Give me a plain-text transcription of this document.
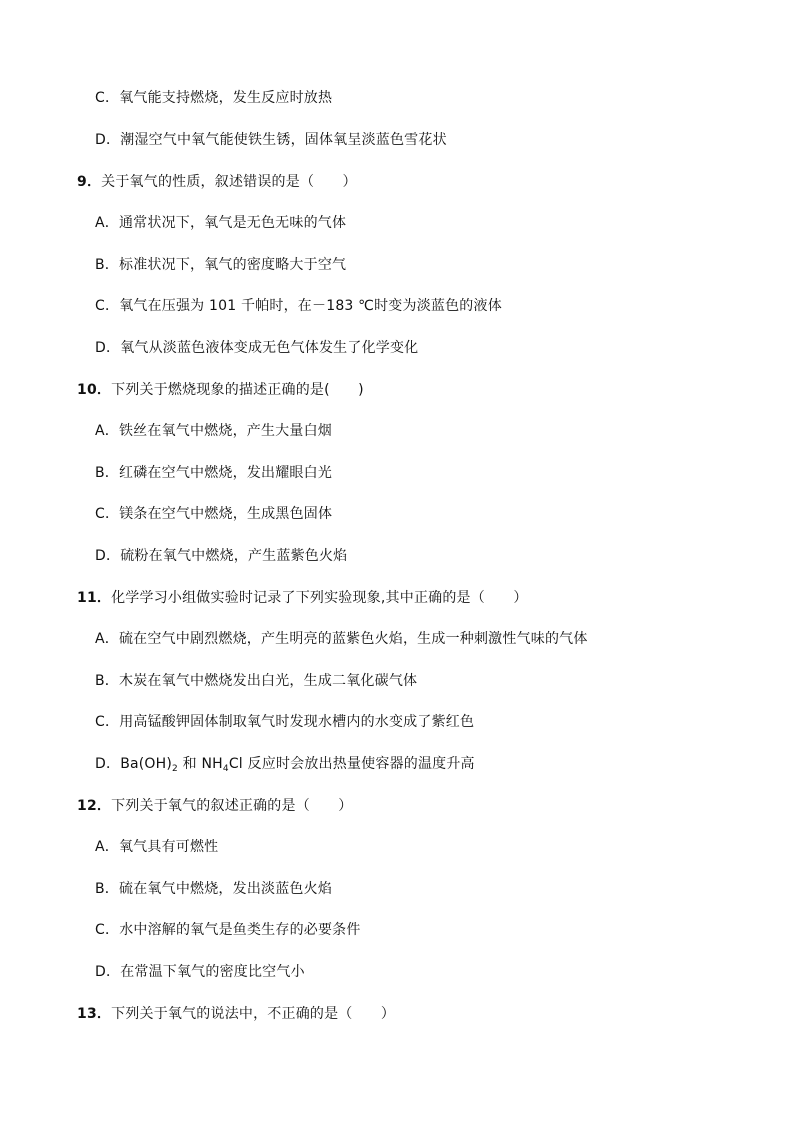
C．氧气能支持燃烧，发生反应时放热
D．潮湿空气中氧气能使铁生锈，固体氧呈淡蓝色雪花状
9．关于氧气的性质，叙述错误的是（　　）
A．通常状况下，氧气是无色无味的气体
B．标准状况下，氧气的密度略大于空气
C．氧气在压强为 101 千帕时，在－183 ℃时变为淡蓝色的液体
D．氧气从淡蓝色液体变成无色气体发生了化学变化
10．下列关于燃烧现象的描述正确的是(　　)
A．铁丝在氧气中燃烧，产生大量白烟
B．红磷在空气中燃烧，发出耀眼白光
C．镁条在空气中燃烧，生成黑色固体
D．硫粉在氧气中燃烧，产生蓝紫色火焰
11．化学学习小组做实验时记录了下列实验现象,其中正确的是（　　）
A．硫在空气中剧烈燃烧，产生明亮的蓝紫色火焰，生成一种刺激性气味的气体
B．木炭在氧气中燃烧发出白光，生成二氧化碳气体
C．用高锰酸钾固体制取氧气时发现水槽内的水变成了紫红色
D．$Ba(OH)_2$ 和 $NH_4Cl$ 反应时会放出热量使容器的温度升高
12．下列关于氧气的叙述正确的是（　　）
A．氧气具有可燃性
B．硫在氧气中燃烧，发出淡蓝色火焰
C．水中溶解的氧气是鱼类生存的必要条件
D．在常温下氧气的密度比空气小
13．下列关于氧气的说法中，不正确的是（　　）
